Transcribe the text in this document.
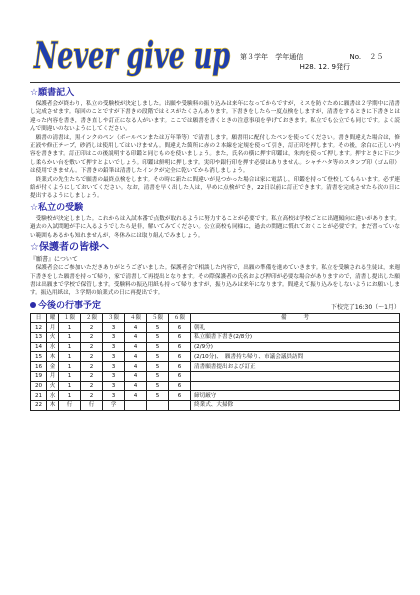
Never give up 第３学年 学年通信	No. ２５
H28. 12. 9発行
☆願書記入

保護者会が終わり，私立の受験校が決定しました。出願や受験料の振り込みは来年になってからですが，ミスを防ぐために願書は２学期中に清書し完成させます。毎回のことですが下書きの段階ではミスがたくさんあります。下書きをしたら一度点検をしますが，清書をするときに下書きとは違った内容を書き，書き直しや訂正になる人がいます。ここでは願書を書くときの注意事項を挙げておきます。私立でも公立でも同じです。よく読んで間違いのないようにしてください。

願書の清書は，黒インクのペン（ボールペンまたは万年筆等）で清書します。願書用に配付したペンを使ってください。書き間違えた場合は，修正液や修正テープ，砂消しは使用してはいけません。間違えた箇所に赤の２本線を定規を使って引き，訂正印を押します。その後，余白に正しい内容を書きます。訂正印はこの後説明する印鑑と同じものを使いましょう。また，氏名の横に押す印鑑は，朱肉を使って押します。押すときに下に少し柔らかい台を敷いて押すとよいでしょう。印鑑は鮮明に押します。実印や銀行印を押す必要はありません。シャチハタ等のスタンプ印（ゴム印）は使用できません。下書きの鉛筆は清書したインクが完全に乾いてから消しましょう。

終業式の先生たちで願書の最終点検をします。その時に新たに間違いが見つかった場合は家に電話し，印鑑を持って登校してもらいます。必ず連絡が付くようにしておいてください。なお，清書を早く出した人は，早めに点検ができ，22日以前に訂正できます。清書を完成させたら次の日に提出するようにしましょう。

☆私立の受験

受験校が決定しました。これからは入試本番で点数が取れるように努力することが必要です。私立高校は学校ごとに出題傾向に違いがあります。過去の入試問題が手に入るようでしたら是非，解いてみてください。公立高校も同様に，過去の問題に慣れておくことが必要です。まだ習っていない範囲もあるかも知れませんが，冬休みには取り組んでみましょう。

☆保護者の皆様へ
『願書』について

保護者会にご参加いただきありがとうございました。保護者会で相談した内容で，出願の準備を進めていきます。私立を受験される生徒は，来週下書きをした願書を持って帰り，家で清書して再提出となります。その際保護者の氏名および押印が必要な場合がありますので，清書し提出した願書は出願まで学校で保管します。受験料の振込用紙も持って帰りますが，振り込みは来年になります。間違えて振り込みをしないようにお願いします。振込用紙は，３学期の始業式の日に再提出です。

今後の行事予定	下校完了16:30（〜1月）
日	曜	１限	２限	３限	４限	５限	６限	備　　　考
12	月	1	2	3	4	5	6	朝礼
13	火	1	2	3	4	5	6	私立願書下書き(2/8分)
14	水	1	2	3	4	5	6	(2/9分)
15	木	1	2	3	4	5	6	(2/10分)、　願書持ち帰り、市議会議員訪問
16	金	1	2	3	4	5	6	清書願書提出および訂正
19	月	1	2	3	4	5	6	
20	火	1	2	3	4	5	6	
21	水	1	2	3	4	5	6	締切厳守
22	木	行	行	学				終業式、大掃除
